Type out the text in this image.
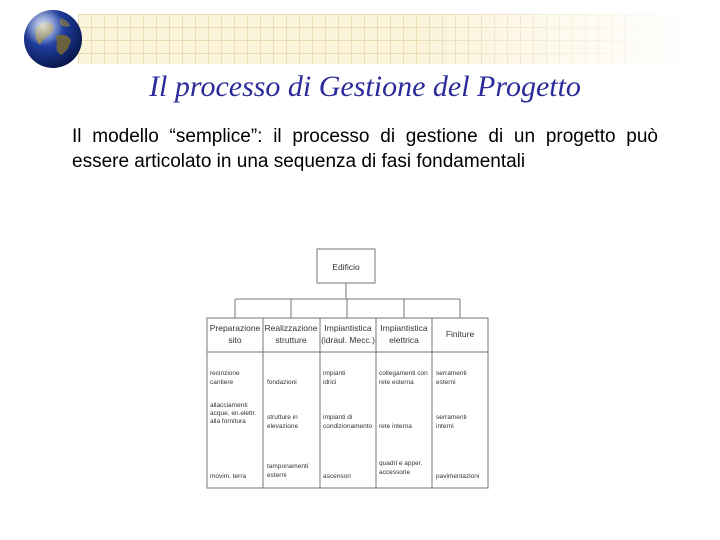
Il processo di Gestione del Progetto
Il modello “semplice”: il processo di gestione di un progetto può essere articolato in una sequenza di fasi fondamentali
Edificio
Preparazione
sito
Realizzazione
strutture
Impiantistica
(idraul. Mecc.)
Impiantistica
elettrica
Finiture
recinzione
cantiere
allacciamenti
acque, en.elettr.
alla fornitura
movim. terra
fondazioni
strutture in
elevazione
tamponamenti
esterni
impianti
idrici
impianti di
condizionamento
ascensori
collegamenti con
rete esterna
rete interna
quadri e apper.
accessorie
serramenti
esterni
serramenti
interni
pavimentazioni
